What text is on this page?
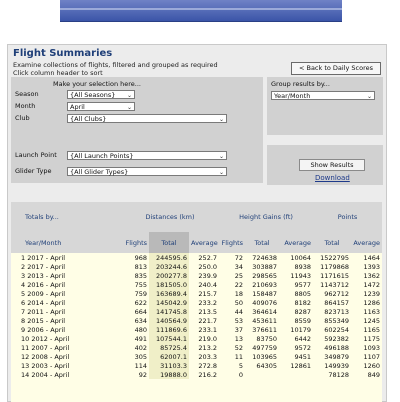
Flight Summaries
Examine collections of flights, filtered and grouped as required
Click column header to sort
< Back to Daily Scores
Make your selection here...
Season	{All Seasons} ⌄
Month	April	⌄
Club	{All Clubs}	⌄
Launch Point	{All Launch Points}	⌄
Glider Type	{All Glider Types}	⌄
Group results by...
Year/Month	⌄
Show Results
Download
Totals by...	Distances (km)			Height Gains (ft)			Points	
Year/Month	Flights	Total	Average	Flights	Total	Average	Total	Average
1 2017 - April	968	244595.6	252.7	72	724638	10064	1522795	1464
2 2017 - April	813	203244.6	250.0	34	303887	8938	1179868	1393
3 2013 - April	835	200277.8	239.9	25	298565	11943	1171615	1362
4 2016 - April	755	181505.0	240.4	22	210693	9577	1143712	1472
5 2009 - April	759	163689.4	215.7	18	158487	8805	962712	1239
6 2014 - April	622	145042.9	233.2	50	409076	8182	864157	1286
7 2011 - April	664	141745.8	213.5	44	364614	8287	823713	1163
8 2015 - April	634	140564.9	221.7	53	453611	8559	855349	1245
9 2006 - April	480	111869.6	233.1	37	376611	10179	602254	1165
10 2012 - April	491	107544.1	219.0	13	83750	6442	592382	1175
11 2007 - April	402	85725.4	213.2	52	497759	9572	496188	1093
12 2008 - April	305	62007.1	203.3	11	103965	9451	349879	1107
13 2003 - April	114	31103.3	272.8	5	64305	12861	149939	1260
14 2004 - April	92	19888.0	216.2	0			78128	849
